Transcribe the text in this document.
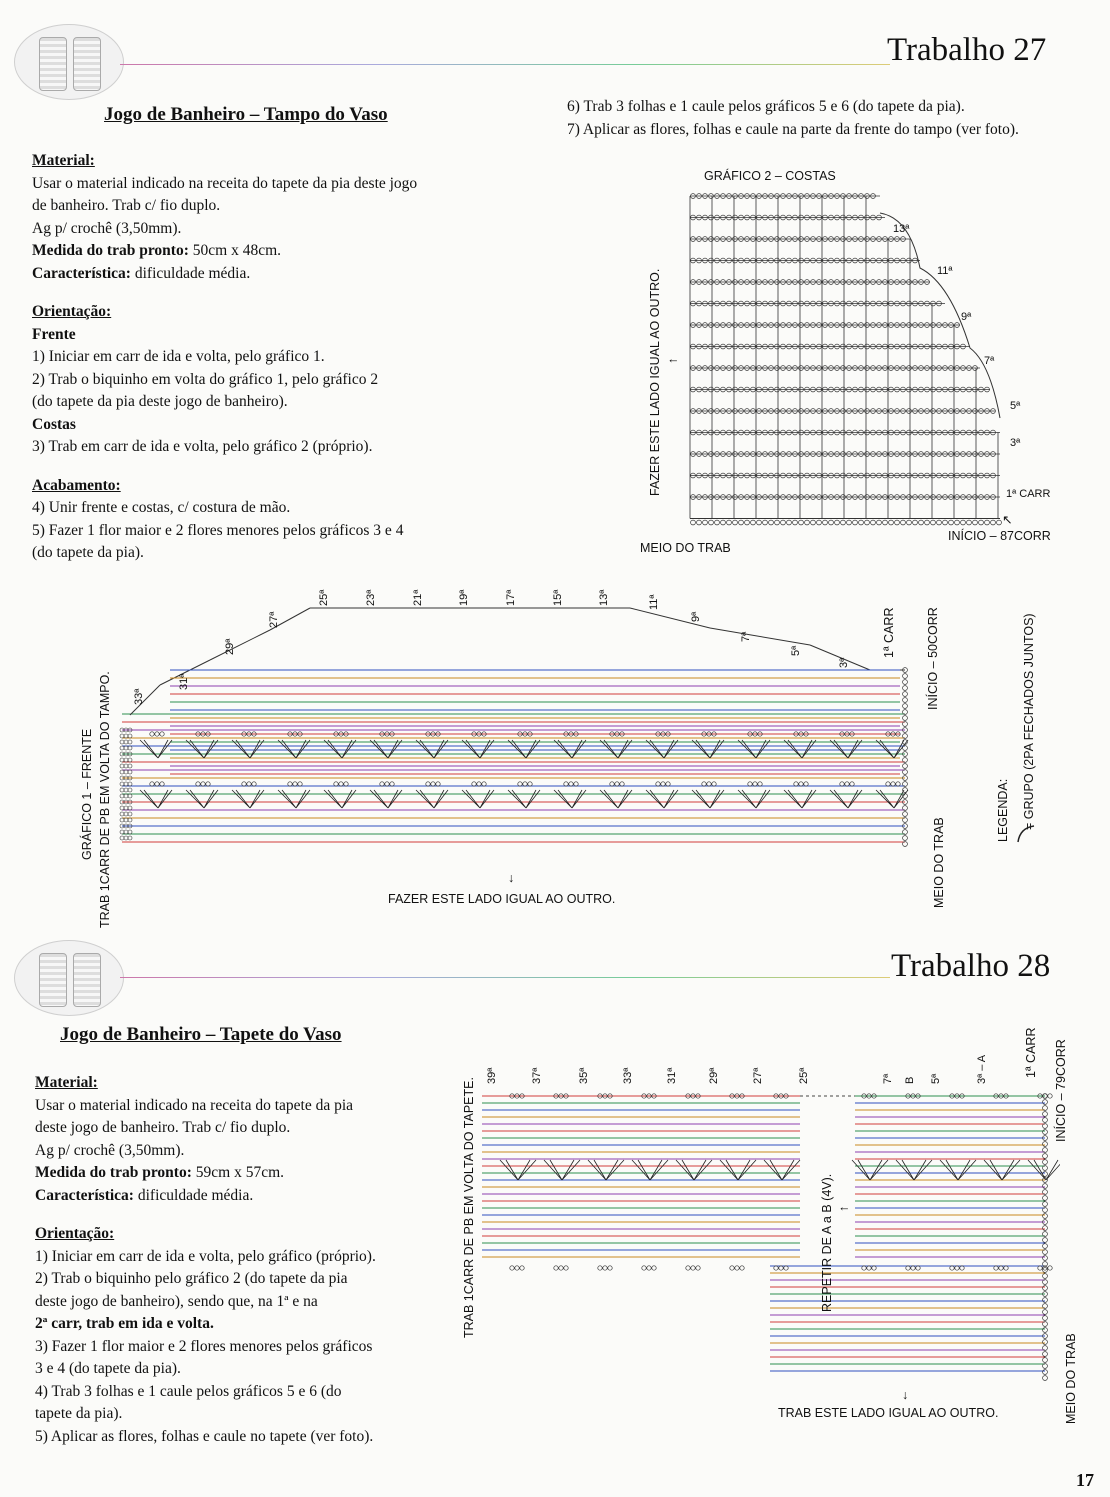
Trabalho 27
Jogo de Banheiro – Tampo do Vaso

Material:

Usar o material indicado na receita do tapete da pia deste jogo

de banheiro. Trab c/ fio duplo.

Ag p/ crochê (3,50mm).

Medida do trab pronto: 50cm x 48cm.

Característica: dificuldade média.

Orientação:

Frente

1) Iniciar em carr de ida e volta, pelo gráfico 1.

2) Trab o biquinho em volta do gráfico 1, pelo gráfico 2

(do tapete da pia deste jogo de banheiro).

Costas

3) Trab em carr de ida e volta, pelo gráfico 2 (próprio).

Acabamento:

4) Unir frente e costas, c/ costura de mão.

5) Fazer 1 flor maior e 2 flores menores pelos gráficos 3 e 4

(do tapete da pia).

6) Trab 3 folhas e 1 caule pelos gráficos 5 e 6 (do tapete da pia).

7) Aplicar as flores, folhas e caule na parte da frente do tampo (ver foto).

GRÁFICO 2 – COSTAS
FAZER ESTE LADO IGUAL AO OUTRO. ←
MEIO DO TRAB
INÍCIO – 87CORR
↖
13ª
11ª
9ª
7ª
5ª
3ª
1ª CARR
33ª
31ª
29ª
27ª
25ª	23ª	21ª	19ª	17ª	15ª	13ª	11ª
9ª
7ª
5ª
3ª
GRÁFICO 1 – FRENTE TRAB 1CARR DE PB EM VOLTA DO TAMPO.	↓
FAZER ESTE LADO IGUAL AO OUTRO.
1ª CARR INÍCIO – 50CORR
MEIO DO TRAB
LEGENDA: = GRUPO (2PA FECHADOS JUNTOS)
Trabalho 28
Jogo de Banheiro – Tapete do Vaso

Material:

Usar o material indicado na receita do tapete da pia

deste jogo de banheiro. Trab c/ fio duplo.

Ag p/ crochê (3,50mm).

Medida do trab pronto: 59cm x 57cm.

Característica: dificuldade média.

Orientação:

1) Iniciar em carr de ida e volta, pelo gráfico (próprio).

2) Trab o biquinho pelo gráfico 2 (do tapete da pia

deste jogo de banheiro), sendo que, na 1ª e na

2ª carr, trab em ida e volta.

3) Fazer 1 flor maior e 2 flores menores pelos gráficos

3 e 4 (do tapete da pia).

4) Trab 3 folhas e 1 caule pelos gráficos 5 e 6 (do

tapete da pia).

5) Aplicar as flores, folhas e caule no tapete (ver foto).

39ª	37ª	35ª	33ª	31ª	29ª	27ª	25ª	7ª B 5ª	3ª – A
TRAB 1CARR DE PB EM VOLTA DO TAPETE.	REPETIR DE A a B (4V). ←
↓
TRAB ESTE LADO IGUAL AO OUTRO.
1ª CARR INÍCIO – 79CORR
MEIO DO TRAB
17
